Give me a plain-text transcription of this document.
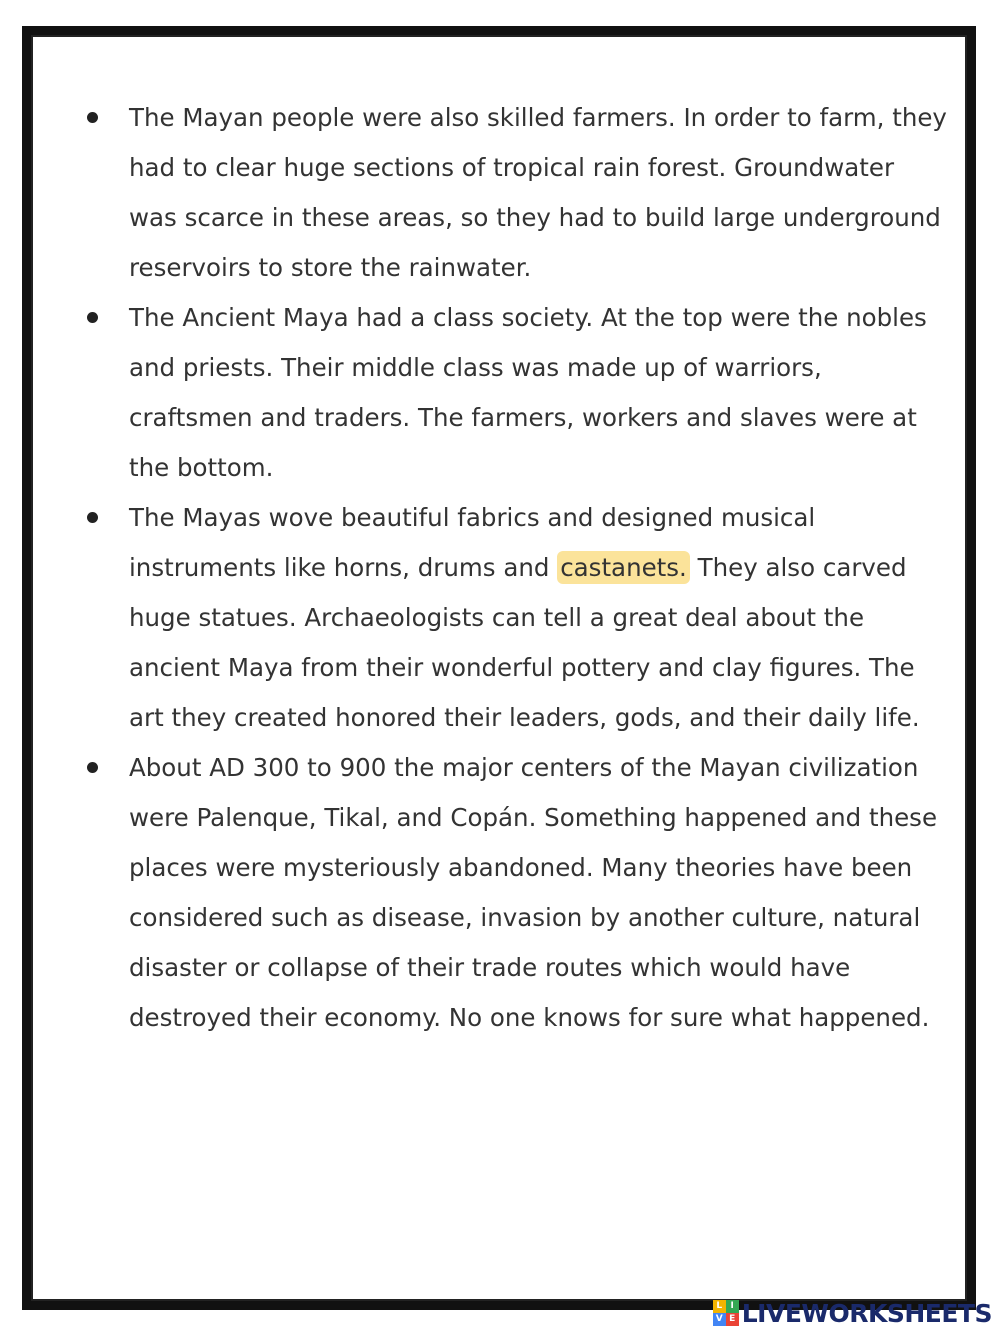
The Mayan people were also skilled farmers. In order to farm, they had to clear huge sections of tropical rain forest. Groundwater was scarce in these areas, so they had to build large underground reservoirs to store the rainwater.
The Ancient Maya had a class society. At the top were the nobles and priests. Their middle class was made up of warriors, craftsmen and traders. The farmers, workers and slaves were at the bottom.
The Mayas wove beautiful fabrics and designed musical instruments like horns, drums and castanets. They also carved huge statues. Archaeologists can tell a great deal about the ancient Maya from their wonderful pottery and clay figures. The art they created honored their leaders, gods, and their daily life.
About AD 300 to 900 the major centers of the Mayan civilization were Palenque, Tikal, and Copán. Something happened and these places were mysteriously abandoned. Many theories have been considered such as disease, invasion by another culture, natural disaster or collapse of their trade routes which would have destroyed their economy. No one knows for sure what happened.
L I
V E LIVEWORKSHEETS
